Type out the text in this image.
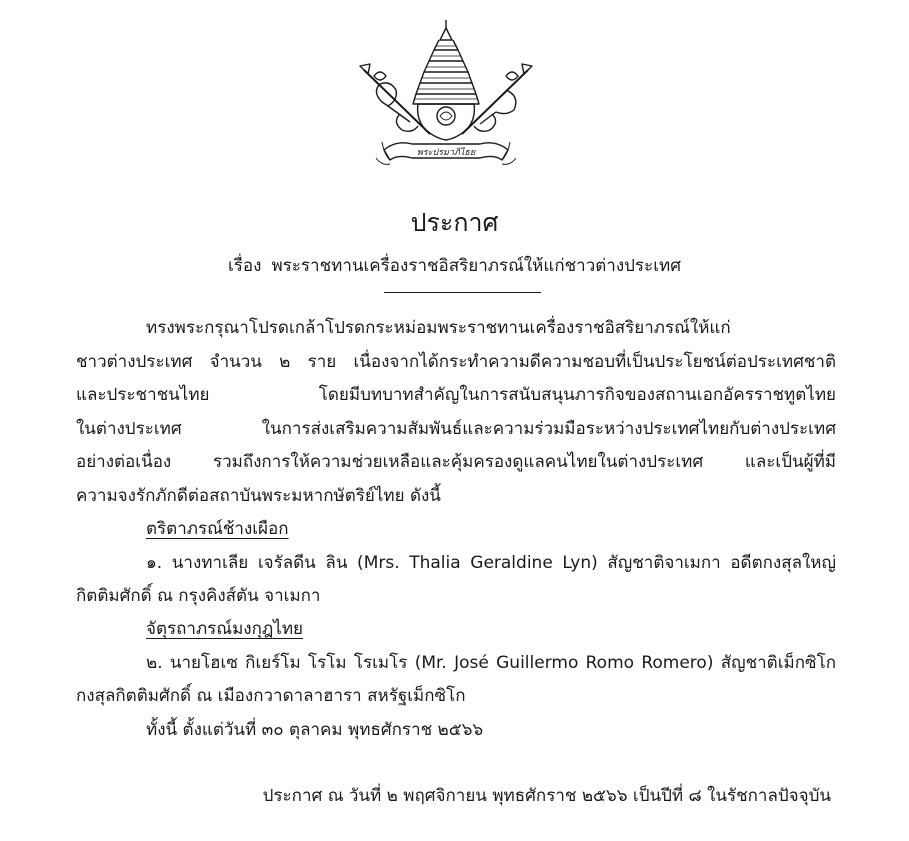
พระปรมาภิไธย
ประกาศ
เรื่อง พระราชทานเครื่องราชอิสริยาภรณ์ให้แก่ชาวต่างประเทศ
ทรงพระกรุณาโปรดเกล้าโปรดกระหม่อมพระราชทานเครื่องราชอิสริยาภรณ์ให้แก่
ชาวต่างประเทศ จำนวน ๒ ราย เนื่องจากได้กระทำความดีความชอบที่เป็นประโยชน์ต่อประเทศชาติ
และประชาชนไทย โดยมีบทบาทสำคัญในการสนับสนุนภารกิจของสถานเอกอัครราชทูตไทย
ในต่างประเทศ ในการส่งเสริมความสัมพันธ์และความร่วมมือระหว่างประเทศไทยกับต่างประเทศ
อย่างต่อเนื่อง รวมถึงการให้ความช่วยเหลือและคุ้มครองดูแลคนไทยในต่างประเทศ และเป็นผู้ที่มี
ความจงรักภักดีต่อสถาบันพระมหากษัตริย์ไทย ดังนี้
ตริตาภรณ์ช้างเผือก
๑. นางทาเลีย เจรัลดีน ลิน (Mrs. Thalia Geraldine Lyn) สัญชาติจาเมกา อดีตกงสุลใหญ่
กิตติมศักดิ์ ณ กรุงคิงส์ตัน จาเมกา
จัตุรถาภรณ์มงกุฎไทย
๒. นายโฮเซ กิเยร์โม โรโม โรเมโร (Mr. José Guillermo Romo Romero) สัญชาติเม็กซิโก
กงสุลกิตติมศักดิ์ ณ เมืองกวาดาลาฮารา สหรัฐเม็กซิโก
ทั้งนี้ ตั้งแต่วันที่ ๓๐ ตุลาคม พุทธศักราช ๒๕๖๖
ประกาศ ณ วันที่ ๒ พฤศจิกายน พุทธศักราช ๒๕๖๖ เป็นปีที่ ๘ ในรัชกาลปัจจุบัน
